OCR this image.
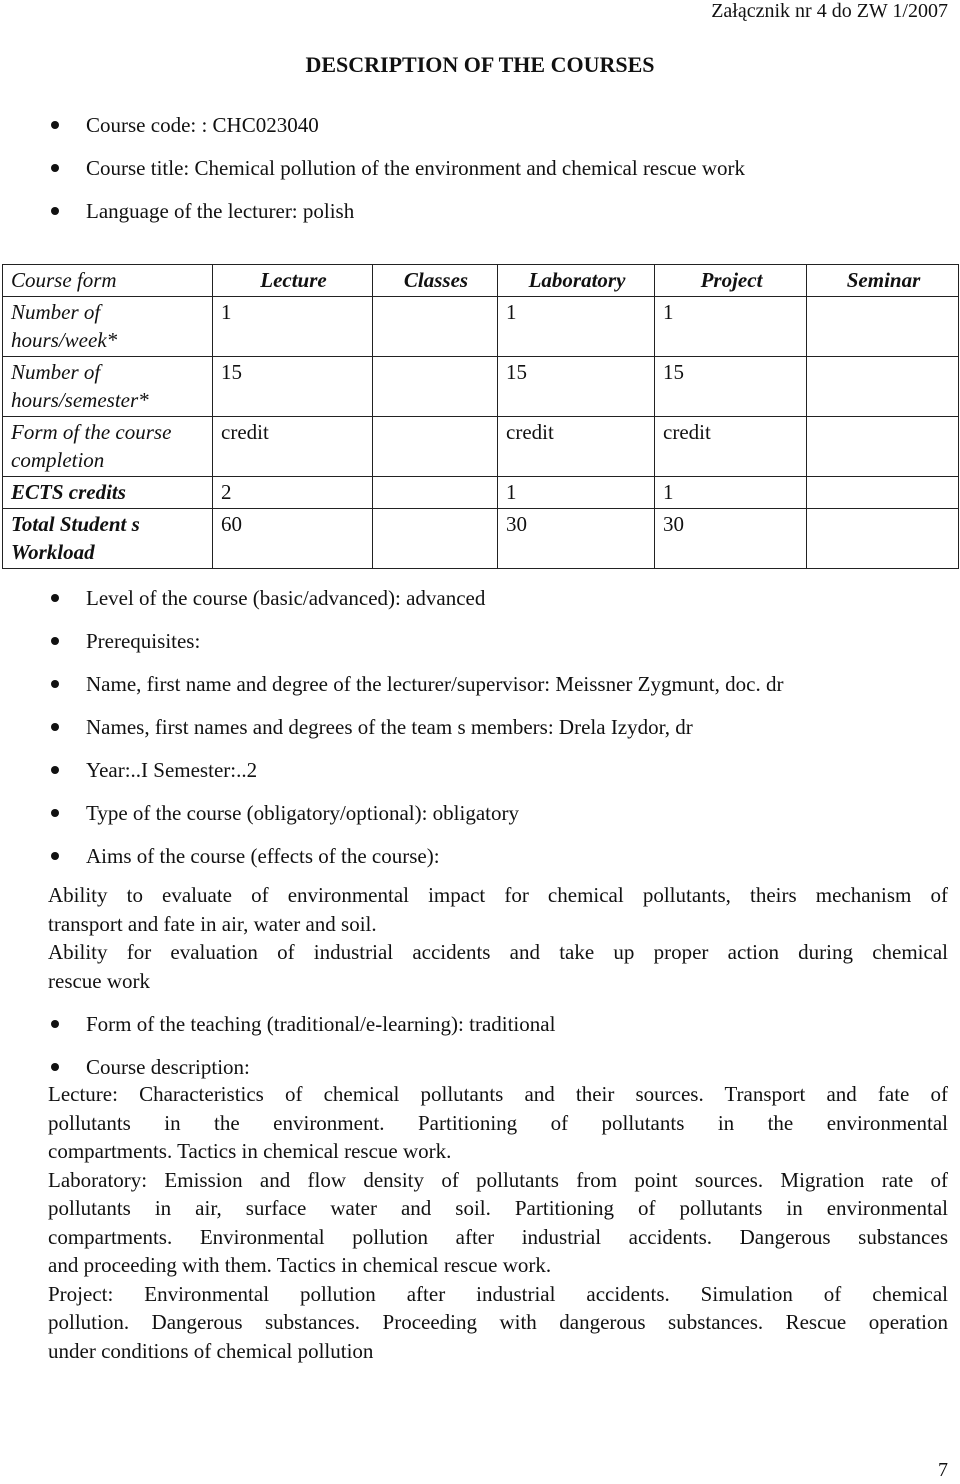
Załącznik nr 4 do ZW 1/2007
DESCRIPTION OF THE COURSES
Course code: : CHC023040
Course title: Chemical pollution of the environment and chemical rescue work
Language of the lecturer: polish
Course form	Lecture	Classes	Laboratory	Project	Seminar
Number of hours/week*	1		1	1	
Number of hours/semester*	15		15	15	
Form of the course completion	credit		credit	credit	
ECTS credits	2		1	1	
Total Student s Workload	60		30	30	
Level of the course (basic/advanced): advanced
Prerequisites:
Name, first name and degree of the lecturer/supervisor: Meissner Zygmunt, doc. dr
Names, first names and degrees of the team s members: Drela Izydor, dr
Year:..I Semester:..2
Type of the course (obligatory/optional): obligatory
Aims of the course (effects of the course):

Ability to evaluate of environmental impact for chemical pollutants, theirs mechanism of
transport and fate in air, water and soil.
Ability for evaluation of industrial accidents and take up proper action during chemical
rescue work

Form of the teaching (traditional/e-learning): traditional
Course description:

Lecture: Characteristics of chemical pollutants and their sources. Transport and fate of
pollutants in the environment. Partitioning of pollutants in the environmental
compartments. Tactics in chemical rescue work.
Laboratory: Emission and flow density of pollutants from point sources. Migration rate of
pollutants in air, surface water and soil. Partitioning of pollutants in environmental
compartments. Environmental pollution after industrial accidents. Dangerous substances
and proceeding with them. Tactics in chemical rescue work.
Project: Environmental pollution after industrial accidents. Simulation of chemical
pollution. Dangerous substances. Proceeding with dangerous substances. Rescue operation
under conditions of chemical pollution

7
